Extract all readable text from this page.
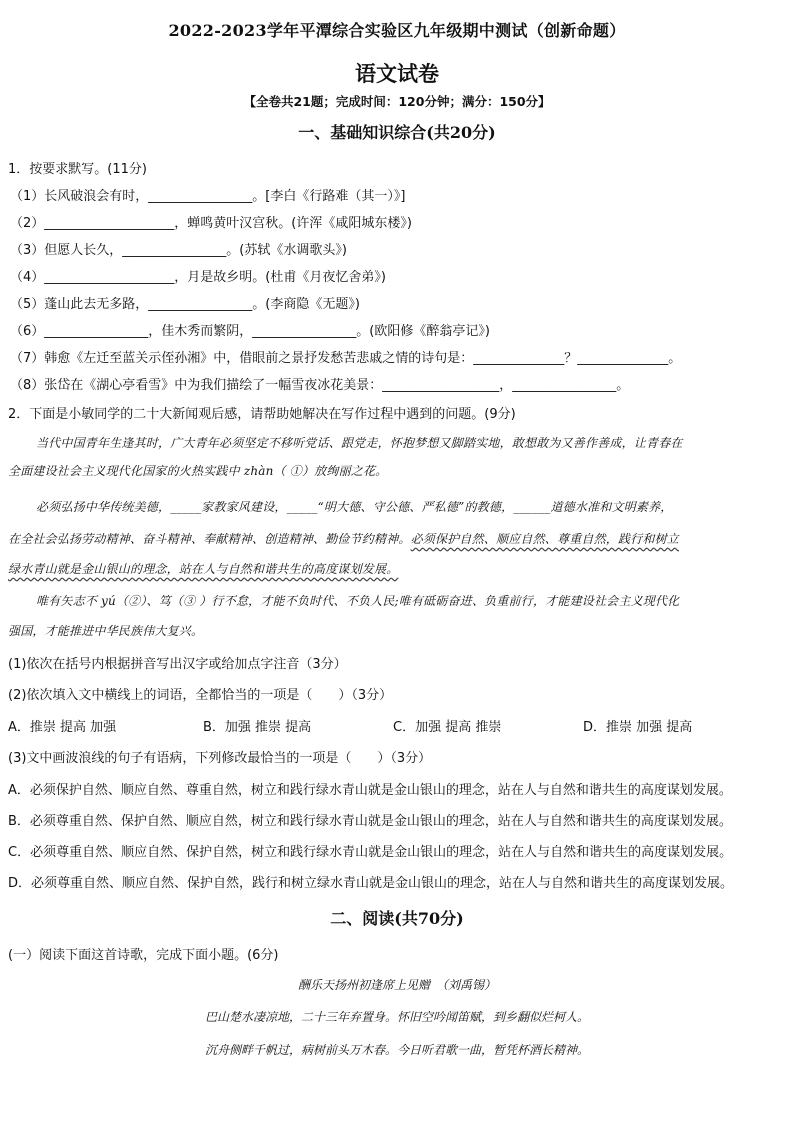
2022-2023学年平潭综合实验区九年级期中测试（创新命题）
语文试卷
【全卷共21题；完成时间：120分钟；满分：150分】
一、基础知识综合(共20分)
1．按要求默写。(11分)
（1）长风破浪会有时，________________。[李白《行路难（其一）》]
（2）____________________，蝉鸣黄叶汉宫秋。(许浑《咸阳城东楼》)
（3）但愿人长久，________________。(苏轼《水调歌头》)
（4）____________________，月是故乡明。(杜甫《月夜忆舍弟》)
（5）蓬山此去无多路，________________。(李商隐《无题》)
（6）________________，佳木秀而繁阴，________________。(欧阳修《醉翁亭记》)
（7）韩愈《左迁至蓝关示侄孙湘》中，借眼前之景抒发愁苦悲戚之情的诗句是：______________？______________。
（8）张岱在《湖心亭看雪》中为我们描绘了一幅雪夜冰花美景：__________________，________________。
2．下面是小敏同学的二十大新闻观后感，请帮助她解决在写作过程中遇到的问题。(9分)
当代中国青年生逢其时，广大青年必须坚定不移听党话、跟党走，怀抱梦想又脚踏实地，敢想敢为又善作善成，让青春在
全面建设社会主义现代化国家的火热实践中 zhàn（ ①）放绚丽之花。
必须弘扬中华传统美德，_____家教家风建设，_____“明大德、守公德、严私德”的教德，______道德水准和文明素养，
在全社会弘扬劳动精神、奋斗精神、奉献精神、创造精神、勤俭节约精神。必须保护自然、顺应自然、尊重自然，践行和树立
绿水青山就是金山银山的理念，站在人与自然和谐共生的高度谋划发展。
唯有矢志不 yú（②）、笃（③ ）行不怠，才能不负时代、不负人民;唯有砥砺奋进、负重前行，才能建设社会主义现代化
强国，才能推进中华民族伟大复兴。
(1)依次在括号内根据拼音写出汉字或给加点字注音（3分）
(2)依次填入文中横线上的词语，全都恰当的一项是（　　）（3分）
A．推崇 提高 加强	B．加强 推崇 提高	C．加强 提高 推崇	D．推崇 加强 提高
(3)文中画波浪线的句子有语病，下列修改最恰当的一项是（　　）（3分）
A．必须保护自然、顺应自然、尊重自然，树立和践行绿水青山就是金山银山的理念，站在人与自然和谐共生的高度谋划发展。
B．必须尊重自然、保护自然、顺应自然，树立和践行绿水青山就是金山银山的理念，站在人与自然和谐共生的高度谋划发展。
C．必须尊重自然、顺应自然、保护自然，树立和践行绿水青山就是金山银山的理念，站在人与自然和谐共生的高度谋划发展。
D．必须尊重自然、顺应自然、保护自然，践行和树立绿水青山就是金山银山的理念，站在人与自然和谐共生的高度谋划发展。
二、阅读(共70分)
(一）阅读下面这首诗歌，完成下面小题。(6分)
酬乐天扬州初逢席上见赠　（刘禹锡）
巴山楚水凄凉地，二十三年弃置身。怀旧空吟闻笛赋，到乡翻似烂柯人。
沉舟侧畔千帆过，病树前头万木春。今日听君歌一曲，暂凭杯酒长精神。
